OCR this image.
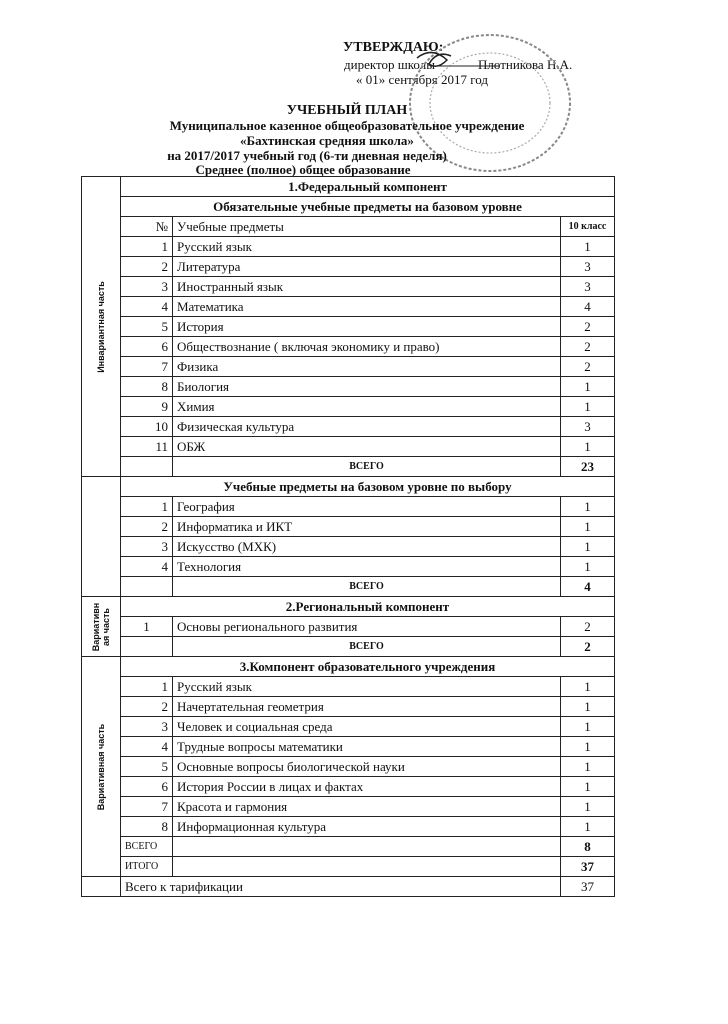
УТВЕРЖДАЮ:
директор школы	Плотникова Н.А.
« 01» сентября 2017 год
УЧЕБНЫЙ ПЛАН
Муниципальное казенное общеобразовательное учреждение
«Бахтинская средняя школа»
на 2017/2017 учебный год (6-ти дневная неделя)
Среднее (полное) общее образование
Инвариантная часть	1.Федеральный компонент		
	Обязательные учебные предметы на базовом уровне		
	№	Учебные предметы	10 класс
	1	Русский язык	1
	2	Литература	3
	3	Иностранный язык	3
	4	Математика	4
	5	История	2
	6	Обществознание ( включая экономику и право)	2
	7	Физика	2
	8	Биология	1
	9	Химия	1
	10	Физическая культура	3
	11	ОБЖ	1
		ВСЕГО	23
	Учебные предметы на базовом уровне по выбору		
	1	География	1
	2	Информатика и ИКТ	1
	3	Искусство (МХК)	1
	4	Технология	1
		ВСЕГО	4

Вариативн ая часть	2.Региональный компонент		
	1	Основы регионального развития	2
		ВСЕГО	2

Вариативная часть	3.Компонент образовательного учреждения		
	1	Русский язык	1
	2	Начертательная геометрия	1
	3	Человек и социальная среда	1
	4	Трудные вопросы математики	1
	5	Основные вопросы биологической науки	1
	6	История России в лицах и фактах	1
	7	Красота и гармония	1
	8	Информационная культура	1
	ВСЕГО		8
	ИТОГО		37
	Всего к тарификации		37
